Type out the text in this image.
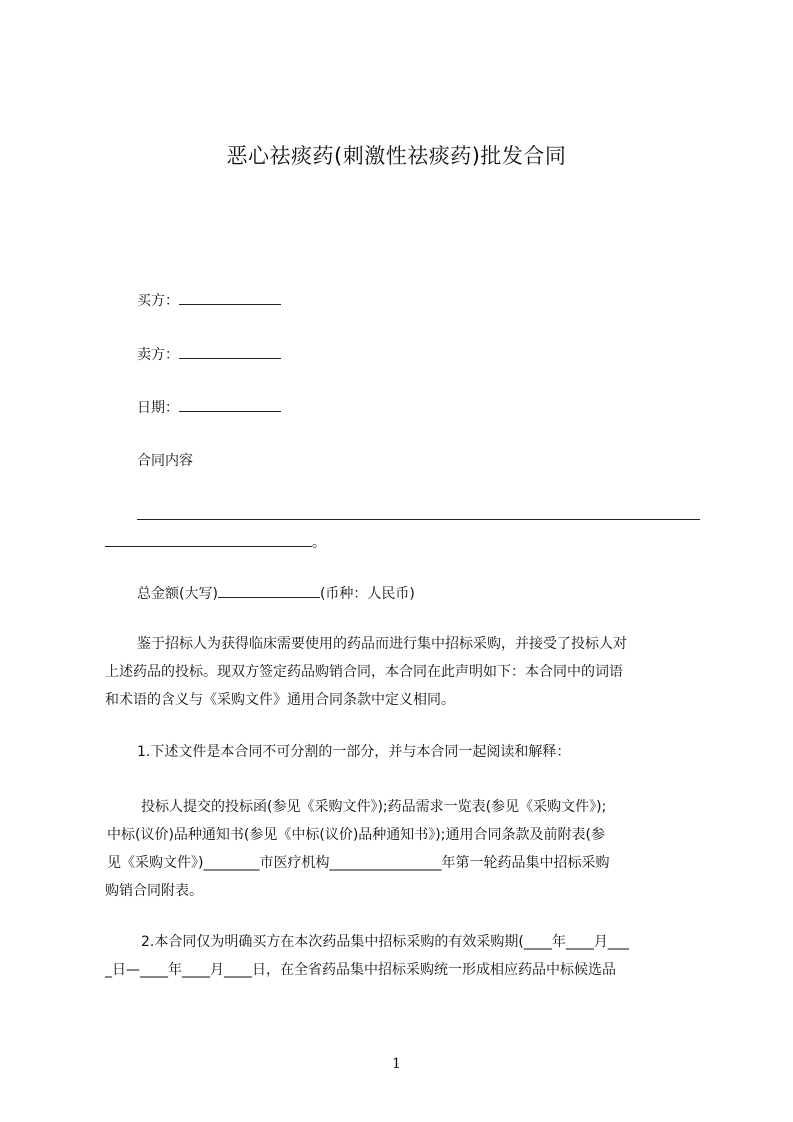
恶心祛痰药(刺激性祛痰药)批发合同
买方：
卖方：
日期：
合同内容
。
总金额(大写)	(币种：人民币)
鉴于招标人为获得临床需要使用的药品而进行集中招标采购，并接受了投标人对
上述药品的投标。现双方签定药品购销合同，本合同在此声明如下：本合同中的词语
和术语的含义与《采购文件》通用合同条款中定义相同。
1.下述文件是本合同不可分割的一部分，并与本合同一起阅读和解释：
投标人提交的投标函(参见《采购文件》);药品需求一览表(参见《采购文件》);
中标(议价)品种通知书(参见《中标(议价)品种通知书》);通用合同条款及前附表(参
见《采购文件》)________市医疗机构________________年第一轮药品集中招标采购
购销合同附表。
2.本合同仅为明确买方在本次药品集中招标采购的有效采购期(____年____月___
_日—____年____月____日，在全省药品集中招标采购统一形成相应药品中标候选品
1
